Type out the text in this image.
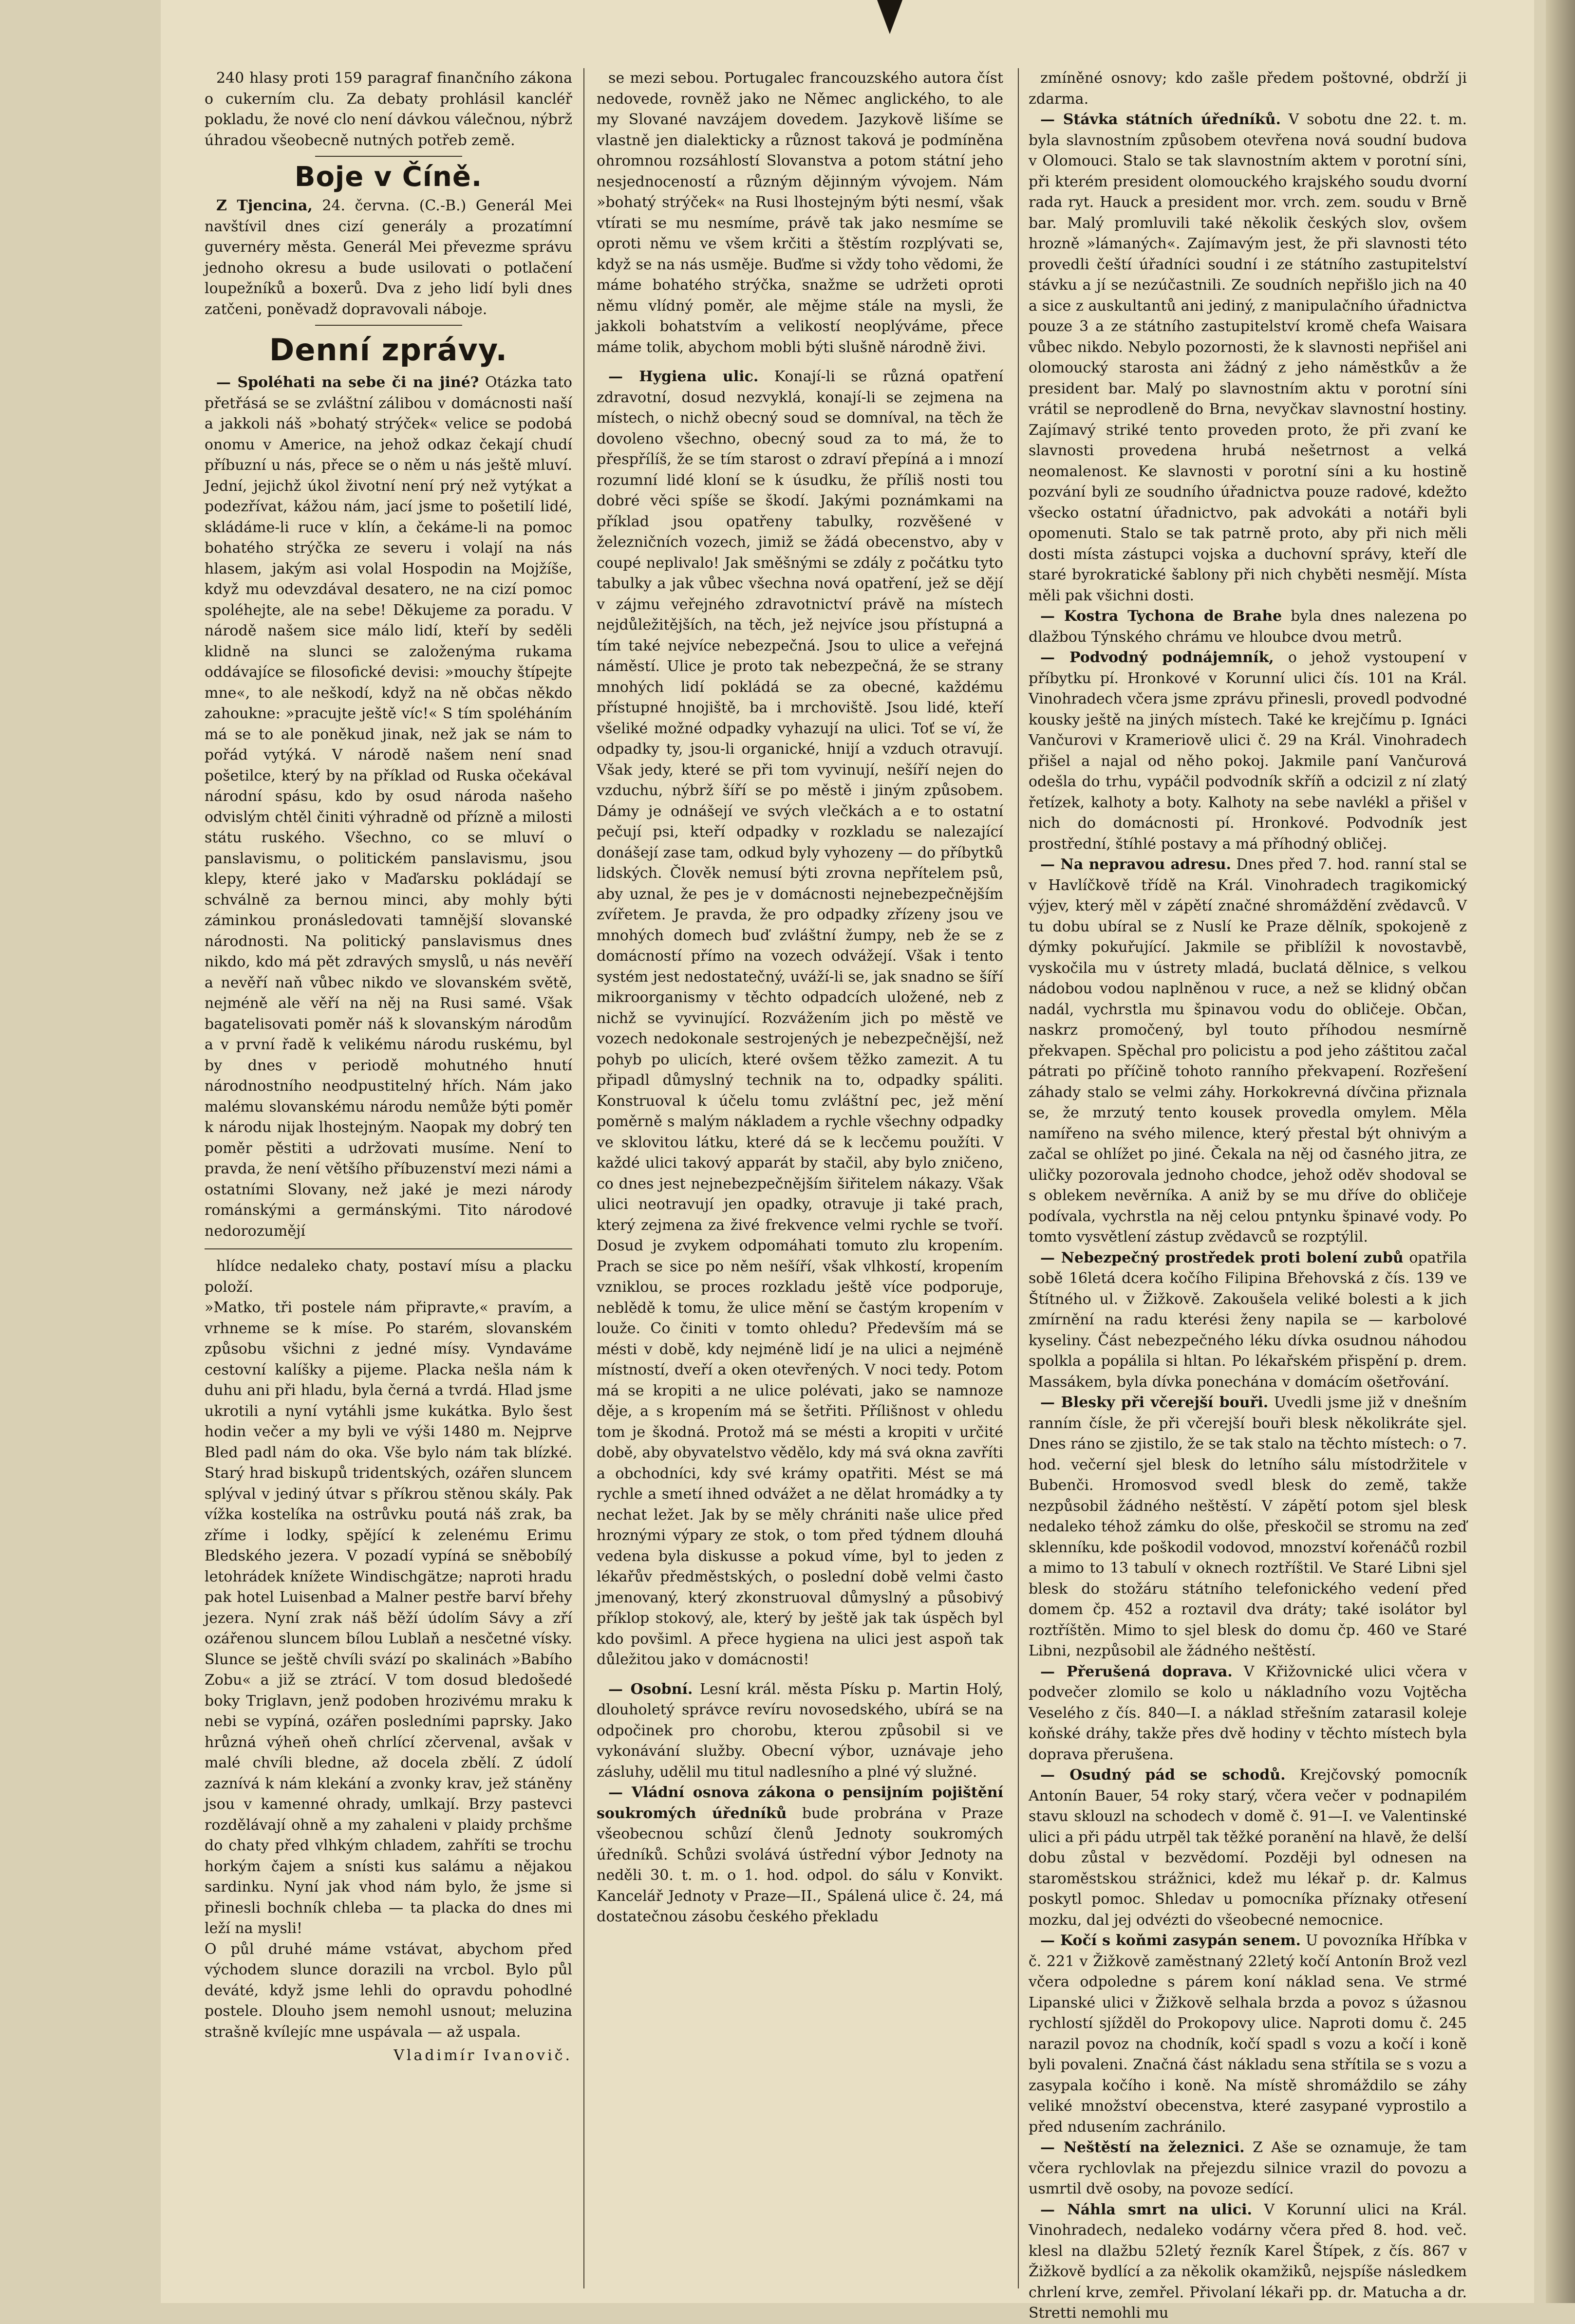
240 hlasy proti 159 paragraf finančního zákona o cukerním clu. Za debaty prohlásil kancléř pokladu, že nové clo není dávkou válečnou, nýbrž úhradou všeobecně nutných potřeb země.

Boje v Číně.

Z Tjencina, 24. června. (C.-B.) Generál Mei navštívil dnes cizí generály a prozatímní guvernéry města. Generál Mei převezme správu jednoho okresu a bude usilovati o potlačení loupežníků a boxerů. Dva z jeho lidí byli dnes zatčeni, poněvadž dopravovali náboje.

Denní zprávy.

— Spoléhati na sebe či na jiné? Otázka tato přetřásá se se zvláštní zálibou v domácnosti naší a jakkoli náš »bohatý strýček« velice se podobá onomu v Americe, na jehož odkaz čekají chudí příbuzní u nás, přece se o něm u nás ještě mluví. Jední, jejichž úkol životní není prý než vytýkat a podezřívat, kážou nám, jací jsme to pošetilí lidé, skládáme-li ruce v klín, a čekáme-li na pomoc bohatého strýčka ze severu i volají na nás hlasem, jakým asi volal Hospodin na Mojžíše, když mu odevzdával desatero, ne na cizí pomoc spoléhejte, ale na sebe! Děkujeme za poradu. V národě našem sice málo lidí, kteří by seděli klidně na slunci se založenýma rukama oddávajíce se filosofické devisi: »mouchy štípejte mne«, to ale neškodí, když na ně občas někdo zahoukne: »pracujte ještě víc!« S tím spoléháním má se to ale poněkud jinak, než jak se nám to pořád vytýká. V národě našem není snad pošetilce, který by na příklad od Ruska očekával národní spásu, kdo by osud národa našeho odvislým chtěl činiti výhradně od přízně a milosti státu ruského. Všechno, co se mluví o panslavismu, o politickém panslavismu, jsou klepy, které jako v Maďarsku pokládají se schválně za bernou minci, aby mohly býti záminkou pronásledovati tamnější slovanské národnosti. Na politický panslavismus dnes nikdo, kdo má pět zdravých smyslů, u nás nevěří a nevěří naň vůbec nikdo ve slovanském světě, nejméně ale věří na něj na Rusi samé. Však bagatelisovati poměr náš k slovanským národům a v první řadě k velikému národu ruskému, byl by dnes v periodě mohutného hnutí národnostního neodpustitelný hřích. Nám jako malému slovanskému národu nemůže býti poměr k národu nijak lhostejným. Naopak my dobrý ten poměr pěstiti a udržovati musíme. Není to pravda, že není většího příbuzenství mezi námi a ostatními Slovany, než jaké je mezi národy románskými a germánskými. Tito národové nedorozumějí

hlídce nedaleko chaty, postaví mísu a placku položí.
»Matko, tři postele nám připravte,« pravím, a vrhneme se k míse. Po starém, slovanském způsobu všichni z jedné mísy. Vyndaváme cestovní kalíšky a pijeme. Placka nešla nám k duhu ani při hladu, byla černá a tvrdá. Hlad jsme ukrotili a nyní vytáhli jsme kukátka. Bylo šest hodin večer a my byli ve výši 1480 m. Nejprve Bled padl nám do oka. Vše bylo nám tak blízké. Starý hrad biskupů tridentských, ozářen sluncem splýval v jediný útvar s příkrou stěnou skály. Pak vížka kostelíka na ostrůvku poutá náš zrak, ba zříme i lodky, spějící k zelenému Erimu Bledského jezera. V pozadí vypíná se sněbobílý letohrádek knížete Windischgätze; naproti hradu pak hotel Luisenbad a Malner pestře barví břehy jezera. Nyní zrak náš běží údolím Sávy a zří ozářenou sluncem bílou Lublaň a nesčetné vísky. Slunce se ještě chvíli svází po skalinách »Babího Zobu« a již se ztrácí. V tom dosud bledošedé boky Triglavn, jenž podoben hrozivému mraku k nebi se vypíná, ozářen posledními paprsky. Jako hrůzná výheň oheň chrlící zčervenal, avšak v malé chvíli bledne, až docela zbělí. Z údolí zaznívá k nám klekání a zvonky krav, jež stáněny jsou v kamenné ohrady, umlkají. Brzy pastevci rozdělávají ohně a my zahaleni v plaidy prchšme do chaty před vlhkým chladem, zahříti se trochu horkým čajem a snísti kus salámu a nějakou sardinku. Nyní jak vhod nám bylo, že jsme si přinesli bochník chleba — ta placka do dnes mi leží na mysli!
O půl druhé máme vstávat, abychom před východem slunce dorazili na vrcbol. Bylo půl deváté, když jsme lehli do opravdu pohodlné postele. Dlouho jsem nemohl usnout; meluzina strašně kvílejíc mne uspávala — až uspala.

Vladimír Ivanovič.

se mezi sebou. Portugalec francouzského autora číst nedovede, rovněž jako ne Němec anglického, to ale my Slované navzájem dovedem. Jazykově lišíme se vlastně jen dialekticky a různost taková je podmíněna ohromnou rozsáhlostí Slovanstva a potom státní jeho nesjednoceností a různým dějinným vývojem. Nám »bohatý strýček« na Rusi lhostejným býti nesmí, však vtírati se mu nesmíme, právě tak jako nesmíme se oproti němu ve všem krčiti a štěstím rozplývati se, když se na nás usměje. Buďme si vždy toho vědomi, že máme bohatého strýčka, snažme se udržeti oproti němu vlídný poměr, ale mějme stále na mysli, že jakkoli bohatstvím a velikostí neoplýváme, přece máme tolik, abychom mobli býti slušně národně živi.

— Hygiena ulic. Konají-li se různá opatření zdravotní, dosud nezvyklá, konají-li se zejmena na místech, o nichž obecný soud se domníval, na těch že dovoleno všechno, obecný soud za to má, že to přespřílíš, že se tím starost o zdraví přepíná a i mnozí rozumní lidé kloní se k úsudku, že příliš nosti tou dobré věci spíše se škodí. Jakými poznámkami na příklad jsou opatřeny tabulky, rozvěšené v železničních vozech, jimiž se žádá obecenstvo, aby v coupé neplivalo! Jak směšnými se zdály z počátku tyto tabulky a jak vůbec všechna nová opatření, jež se dějí v zájmu veřejného zdravotnictví právě na místech nejdůležitějších, na těch, jež nejvíce jsou přístupná a tím také nejvíce nebezpečná. Jsou to ulice a veřejná náměstí. Ulice je proto tak nebezpečná, že se strany mnohých lidí pokládá se za obecné, každému přístupné hnojiště, ba i mrchoviště. Jsou lidé, kteří všeliké možné odpadky vyhazují na ulici. Toť se ví, že odpadky ty, jsou-li organické, hnijí a vzduch otravují. Však jedy, které se při tom vyvinují, nešíří nejen do vzduchu, nýbrž šíří se po městě i jiným způsobem. Dámy je odnášejí ve svých vlečkách a e to ostatní pečují psi, kteří odpadky v rozkladu se nalezající donášejí zase tam, odkud byly vyhozeny — do příbytků lidských. Člověk nemusí býti zrovna nepřítelem psů, aby uznal, že pes je v domácnosti nejnebezpečnějším zvířetem. Je pravda, že pro odpadky zřízeny jsou ve mnohých domech buď zvláštní žumpy, neb že se z domácností přímo na vozech odvážejí. Však i tento systém jest nedostatečný, uváží-li se, jak snadno se šíří mikroorganismy v těchto odpadcích uložené, neb z nichž se vyvinující. Rozvážením jich po městě ve vozech nedokonale sestrojených je nebezpečnější, než pohyb po ulicích, které ovšem těžko zamezit. A tu připadl důmyslný technik na to, odpadky spáliti. Konstruoval k účelu tomu zvláštní pec, jež mění poměrně s malým nákladem a rychle všechny odpadky ve sklovitou látku, které dá se k lecčemu použíti. V každé ulici takový apparát by stačil, aby bylo zničeno, co dnes jest nejnebezpečnějším šiřitelem nákazy. Však ulici neotravují jen opadky, otravuje ji také prach, který zejmena za živé frekvence velmi rychle se tvoří. Dosud je zvykem odpomáhati tomuto zlu kropením. Prach se sice po něm nešíří, však vlhkostí, kropením vzniklou, se proces rozkladu ještě více podporuje, neblědě k tomu, že ulice mění se častým kropením v louže. Co činiti v tomto ohledu? Především má se mésti v době, kdy nejméně lidí je na ulici a nejméně místností, dveří a oken otevřených. V noci tedy. Potom má se kropiti a ne ulice polévati, jako se namnoze děje, a s kropením má se šetřiti. Přílišnost v ohledu tom je škodná. Protož má se mésti a kropiti v určité době, aby obyvatelstvo vědělo, kdy má svá okna zavříti a obchodníci, kdy své krámy opatřiti. Mést se má rychle a smetí ihned odvážet a ne dělat hromádky a ty nechat ležet. Jak by se měly chrániti naše ulice před hroznými výpary ze stok, o tom před týdnem dlouhá vedena byla diskusse a pokud víme, byl to jeden z lékařův předměstských, o poslední době velmi často jmenovaný, který zkonstruoval důmyslný a působivý příklop stokový, ale, který by ještě jak tak úspěch byl kdo povšiml. A přece hygiena na ulici jest aspoň tak důležitou jako v domácnosti!

— Osobní. Lesní král. města Písku p. Martin Holý, dlouholetý správce revíru novosedského, ubírá se na odpočinek pro chorobu, kterou způsobil si ve vykonávání služby. Obecní výbor, uznávaje jeho zásluhy, udělil mu titul nadlesního a plné vý služné.

— Vládní osnova zákona o pensijním pojištění soukromých úředníků bude probrána v Praze všeobecnou schůzí členů Jednoty soukromých úředníků. Schůzi svolává ústřední výbor Jednoty na neděli 30. t. m. o 1. hod. odpol. do sálu v Konvikt. Kancelář Jednoty v Praze—II., Spálená ulice č. 24, má dostatečnou zásobu českého překladu

zmíněné osnovy; kdo zašle předem poštovné, obdrží ji zdarma.

— Stávka státních úředníků. V sobotu dne 22. t. m. byla slavnostním způsobem otevřena nová soudní budova v Olomouci. Stalo se tak slavnostním aktem v porotní síni, při kterém president olomouckého krajského soudu dvorní rada ryt. Hauck a president mor. vrch. zem. soudu v Brně bar. Malý promluvili také několik českých slov, ovšem hrozně »lámaných«. Zajímavým jest, že při slavnosti této provedli čeští úřadníci soudní i ze státního zastupitelství stávku a jí se nezúčastnili. Ze soudních nepřišlo jich na 40 a sice z auskultantů ani jediný, z manipulačního úřadnictva pouze 3 a ze státního zastupitelství kromě chefa Waisara vůbec nikdo. Nebylo pozornosti, že k slavnosti nepřišel ani olomoucký starosta ani žádný z jeho náměstkův a že president bar. Malý po slavnostním aktu v porotní síni vrátil se neprodleně do Brna, nevyčkav slavnostní hostiny. Zajímavý striké tento proveden proto, že při zvaní ke slavnosti provedena hrubá nešetrnost a velká neomalenost. Ke slavnosti v porotní síni a ku hostině pozvání byli ze soudního úřadnictva pouze radové, kdežto všecko ostatní úřadnictvo, pak advokáti a notáři byli opomenuti. Stalo se tak patrně proto, aby při nich měli dosti místa zástupci vojska a duchovní správy, kteří dle staré byrokratické šablony při nich chyběti nesmějí. Místa měli pak všichni dosti.

— Kostra Tychona de Brahe byla dnes nalezena po dlažbou Týnského chrámu ve hloubce dvou metrů.

— Podvodný podnájemník, o jehož vystoupení v příbytku pí. Hronkové v Korunní ulici čís. 101 na Král. Vinohradech včera jsme zprávu přinesli, provedl podvodné kousky ještě na jiných místech. Také ke krejčímu p. Ignáci Vančurovi v Krameriově ulici č. 29 na Král. Vinohradech přišel a najal od něho pokoj. Jakmile paní Vančurová odešla do trhu, vypáčil podvodník skříň a odcizil z ní zlatý řetízek, kalhoty a boty. Kalhoty na sebe navlékl a přišel v nich do domácnosti pí. Hronkové. Podvodník jest prostřední, štíhlé postavy a má příhodný obličej.

— Na nepravou adresu. Dnes před 7. hod. ranní stal se v Havlíčkově třídě na Král. Vinohradech tragikomický výjev, který měl v zápětí značné shromáždění zvědavců. V tu dobu ubíral se z Nuslí ke Praze dělník, spokojeně z dýmky pokuřující. Jakmile se přiblížil k novostavbě, vyskočila mu v ústrety mladá, buclatá dělnice, s velkou nádobou vodou naplněnou v ruce, a než se klidný občan nadál, vychrstla mu špinavou vodu do obličeje. Občan, naskrz promočený, byl touto příhodou nesmírně překvapen. Spěchal pro policistu a pod jeho záštitou začal pátrati po příčině tohoto ranního překvapení. Rozřešení záhady stalo se velmi záhy. Horkokrevná dívčina přiznala se, že mrzutý tento kousek provedla omylem. Měla namířeno na svého milence, který přestal být ohnivým a začal se ohlížet po jiné. Čekala na něj od časného jitra, ze uličky pozorovala jednoho chodce, jehož oděv shodoval se s oblekem nevěrníka. A aniž by se mu dříve do obličeje podívala, vychrstla na něj celou pntynku špinavé vody. Po tomto vysvětlení zástup zvědavců se rozptýlil.

— Nebezpečný prostředek proti bolení zubů opatřila sobě 16letá dcera kočího Filipina Břehovská z čís. 139 ve Štítného ul. v Žižkově. Zakoušela veliké bolesti a k jich zmírnění na radu kterési ženy napila se — karbolové kyseliny. Část nebezpečného léku dívka osudnou náhodou spolkla a popálila si hltan. Po lékařském přispění p. drem. Massákem, byla dívka ponechána v domácím ošetřování.

— Blesky při včerejší bouři. Uvedli jsme již v dnešním ranním čísle, že při včerejší bouři blesk několikráte sjel. Dnes ráno se zjistilo, že se tak stalo na těchto místech: o 7. hod. večerní sjel blesk do letního sálu místodržitele v Bubenči. Hromosvod svedl blesk do země, takže nezpůsobil žádného neštěstí. V zápětí potom sjel blesk nedaleko téhož zámku do olše, přeskočil se stromu na zeď sklenníku, kde poškodil vodovod, mnozství kořenáčů rozbil a mimo to 13 tabulí v oknech roztříštil. Ve Staré Libni sjel blesk do stožáru státního telefonického vedení před domem čp. 452 a roztavil dva dráty; také isolátor byl roztříštěn. Mimo to sjel blesk do domu čp. 460 ve Staré Libni, nezpůsobil ale žádného neštěstí.

— Přerušená doprava. V Křižovnické ulici včera v podvečer zlomilo se kolo u nákladního vozu Vojtěcha Veselého z čís. 840—I. a náklad střešním zatarasil koleje koňské dráhy, takže přes dvě hodiny v těchto místech byla doprava přerušena.

— Osudný pád se schodů. Krejčovský pomocník Antonín Bauer, 54 roky starý, včera večer v podnapilém stavu sklouzl na schodech v domě č. 91—I. ve Valentinské ulici a při pádu utrpěl tak těžké poranění na hlavě, že delší dobu zůstal v bezvědomí. Později byl odnesen na staroměstskou strážnici, kdež mu lékař p. dr. Kalmus poskytl pomoc. Shledav u pomocníka příznaky otřesení mozku, dal jej odvézti do všeobecné nemocnice.

— Kočí s koňmi zasypán senem. U povozníka Hříbka v č. 221 v Žižkově zaměstnaný 22letý kočí Antonín Brož vezl včera odpoledne s párem koní náklad sena. Ve strmé Lipanské ulici v Žižkově selhala brzda a povoz s úžasnou rychlostí sjížděl do Prokopovy ulice. Naproti domu č. 245 narazil povoz na chodník, kočí spadl s vozu a kočí i koně byli povaleni. Značná část nákladu sena střítila se s vozu a zasypala kočího i koně. Na místě shromáždilo se záhy veliké množství obecenstva, které zasypané vyprostilo a před ndusením zachránilo.

— Neštěstí na železnici. Z Aše se oznamuje, že tam včera rychlovlak na přejezdu silnice vrazil do povozu a usmrtil dvě osoby, na povoze sedící.

— Náhla smrt na ulici. V Korunní ulici na Král. Vinohradech, nedaleko vodárny včera před 8. hod. več. klesl na dlažbu 52letý řezník Karel Štípek, z čís. 867 v Žižkově bydlící a za několik okamžiků, nejspíše následkem chrlení krve, zemřel. Přivolaní lékaři pp. dr. Matucha a dr. Stretti nemohli mu
